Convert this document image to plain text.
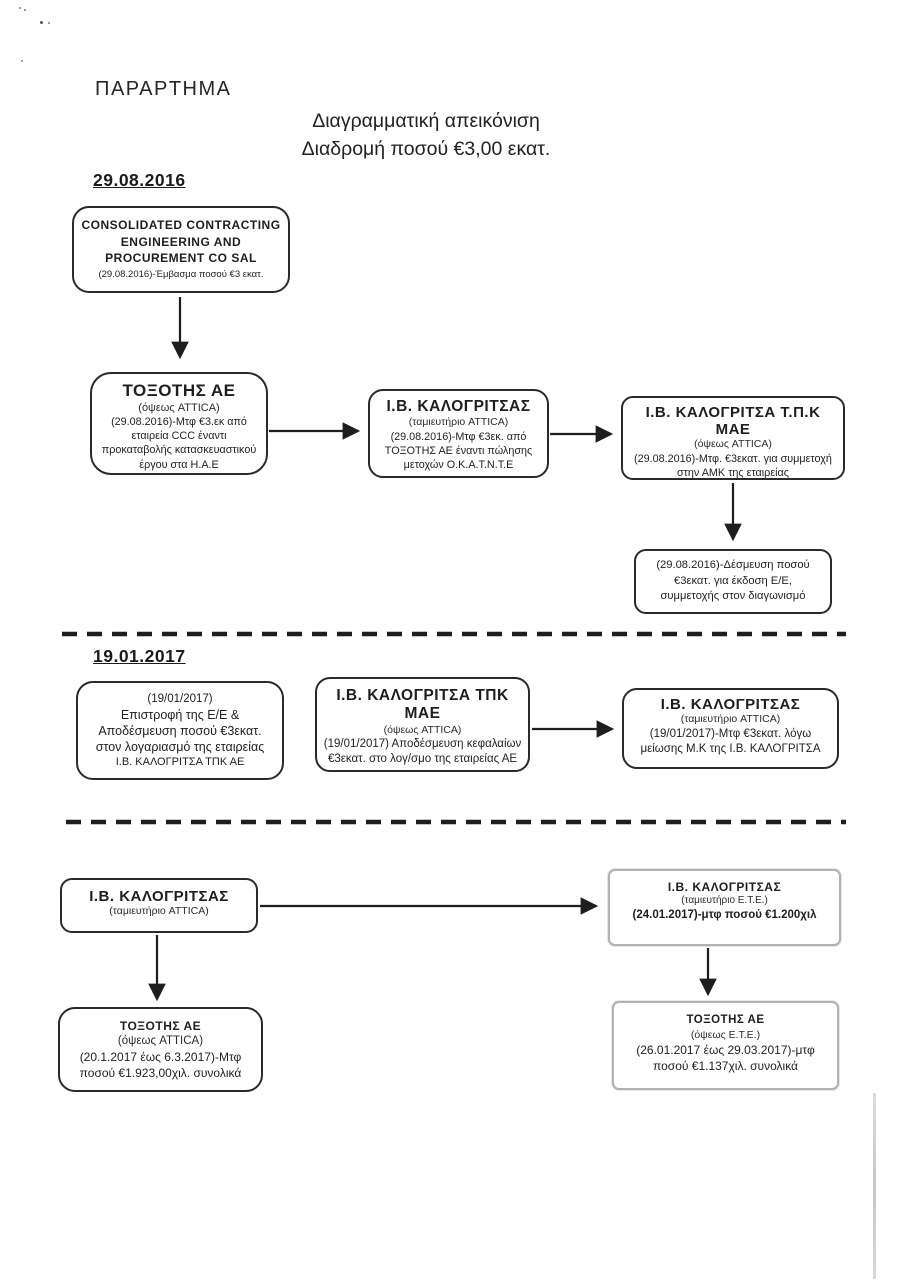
ΠΑΡΑΡΤΗΜΑ
Διαγραμματική απεικόνιση
Διαδρομή ποσού €3,00 εκατ.
29.08.2016
19.01.2017
CONSOLIDATED CONTRACTING
ENGINEERING AND
PROCUREMENT CO SAL
(29.08.2016)-Έμβασμα ποσού €3 εκατ.
ΤΟΞΟΤΗΣ ΑΕ
(όψεως ATTICA)
(29.08.2016)-Μτφ €3.εκ από εταιρεία CCC έναντι προκαταβολής κατασκευαστικού έργου στα Η.Α.Ε
Ι.Β. ΚΑΛΟΓΡΙΤΣΑΣ
(ταμιευτήριο ATTICA)
(29.08.2016)-Μτφ €3εκ. από ΤΟΞΟΤΗΣ ΑΕ έναντι πώλησης μετοχών Ο.Κ.Α.Τ.Ν.Τ.Ε
Ι.Β. ΚΑΛΟΓΡΙΤΣΑ Τ.Π.Κ ΜΑΕ
(όψεως ATTICA)
(29.08.2016)-Μτφ. €3εκατ. για συμμετοχή στην ΑΜΚ της εταιρείας
(29.08.2016)-Δέσμευση ποσού €3εκατ. για έκδοση Ε/Ε, συμμετοχής στον διαγωνισμό
(19/01/2017)
Επιστροφή της Ε/Ε &
Αποδέσμευση ποσού €3εκατ.
στον λογαριασμό της εταιρείας
Ι.Β. ΚΑΛΟΓΡΙΤΣΑ ΤΠΚ ΑΕ
Ι.Β. ΚΑΛΟΓΡΙΤΣΑ ΤΠΚ ΜΑΕ
(όψεως ATTICA)
(19/01/2017) Αποδέσμευση κεφαλαίων €3εκατ. στο λογ/σμο της εταιρείας ΑΕ
Ι.Β. ΚΑΛΟΓΡΙΤΣΑΣ
(ταμιευτήριο ATTICA)
(19/01/2017)-Μτφ €3εκατ. λόγω μείωσης Μ.Κ της Ι.Β. ΚΑΛΟΓΡΙΤΣΑ
Ι.Β. ΚΑΛΟΓΡΙΤΣΑΣ
(ταμιευτήριο ATTICA)
Ι.Β. ΚΑΛΟΓΡΙΤΣΑΣ
(ταμιευτήριο Ε.Τ.Ε.)
(24.01.2017)-μτφ ποσού €1.200χιλ
ΤΟΞΟΤΗΣ ΑΕ
(όψεως ATTICA)
(20.1.2017 έως 6.3.2017)-Μτφ ποσού €1.923,00χιλ. συνολικά
ΤΟΞΟΤΗΣ ΑΕ
(όψεως Ε.Τ.Ε.)
(26.01.2017 έως 29.03.2017)-μτφ ποσού €1.137χιλ. συνολικά
